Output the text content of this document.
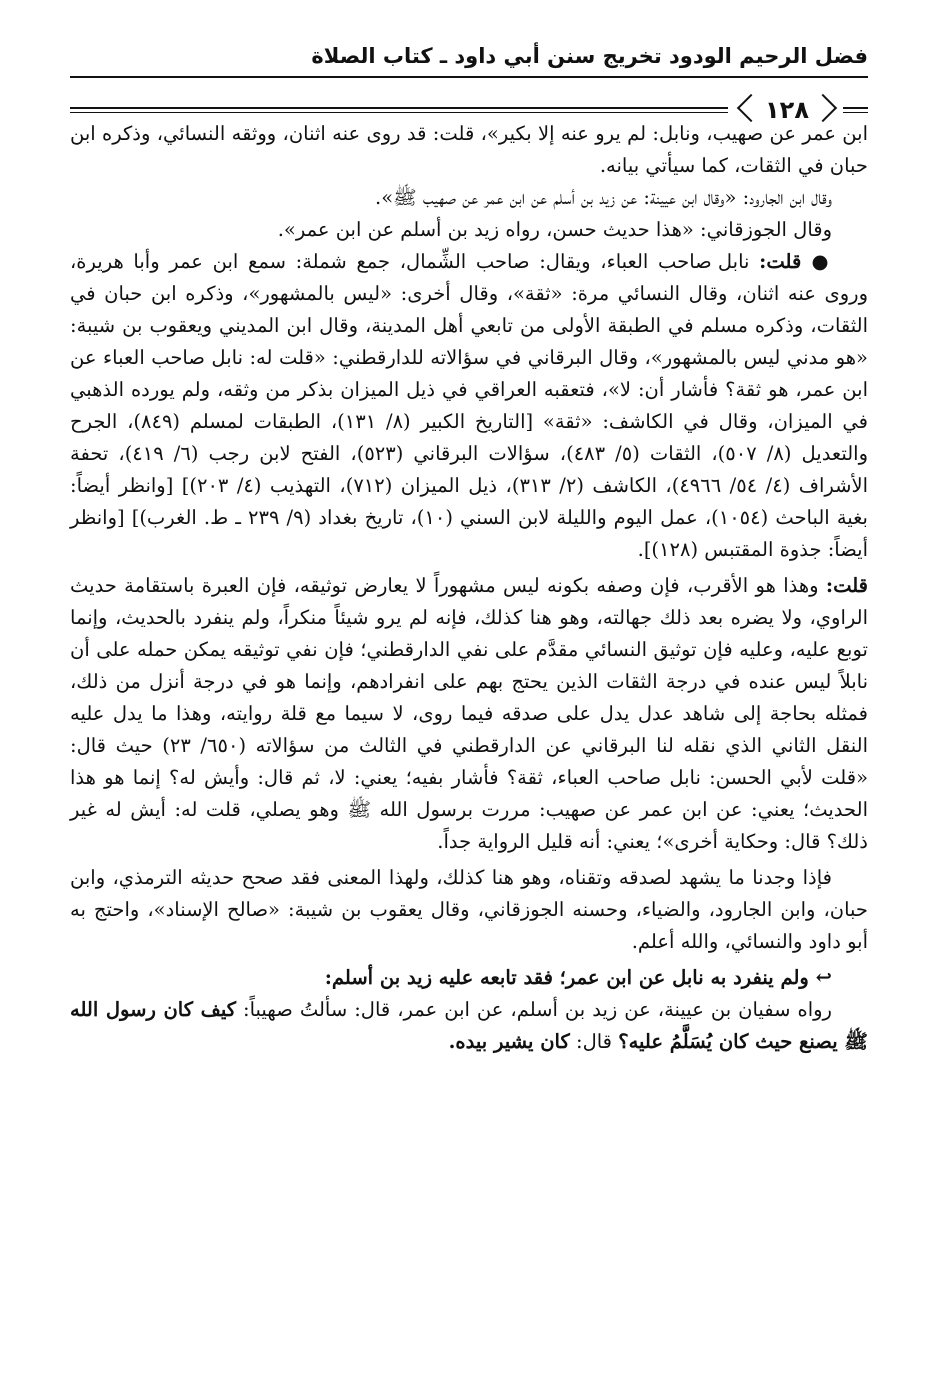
فضل الرحيم الودود تخريج سنن أبي داود ـ كتاب الصلاة
١٢٨

ابن عمر عن صهيب، ونابل: لم يرو عنه إلا بكير»، قلت: قد روى عنه اثنان، ووثقه النسائي، وذكره ابن حبان في الثقات، كما سيأتي بيانه.

وقال ابن الجارود: «وقال ابن عيينة: عن زيد بن أسلم عن ابن عمر عن صهيب ﷺ».

وقال الجوزقاني: «هذا حديث حسن، رواه زيد بن أسلم عن ابن عمر».

● قلت: نابل صاحب العباء، ويقال: صاحب الشِّمال، جمع شملة: سمع ابن عمر وأبا هريرة، وروى عنه اثنان، وقال النسائي مرة: «ثقة»، وقال أخرى: «ليس بالمشهور»، وذكره ابن حبان في الثقات، وذكره مسلم في الطبقة الأولى من تابعي أهل المدينة، وقال ابن المديني ويعقوب بن شيبة: «هو مدني ليس بالمشهور»، وقال البرقاني في سؤالاته للدارقطني: «قلت له: نابل صاحب العباء عن ابن عمر، هو ثقة؟ فأشار أن: لا»، فتعقبه العراقي في ذيل الميزان بذكر من وثقه، ولم يورده الذهبي في الميزان، وقال في الكاشف: «ثقة» [التاريخ الكبير (٨/ ١٣١)، الطبقات لمسلم (٨٤٩)، الجرح والتعديل (٨/ ٥٠٧)، الثقات (٥/ ٤٨٣)، سؤالات البرقاني (٥٢٣)، الفتح لابن رجب (٦/ ٤١٩)، تحفة الأشراف (٤/ ٥٤/ ٤٩٦٦)، الكاشف (٢/ ٣١٣)، ذيل الميزان (٧١٢)، التهذيب (٤/ ٢٠٣)] [وانظر أيضاً: بغية الباحث (١٠٥٤)، عمل اليوم والليلة لابن السني (١٠)، تاريخ بغداد (٩/ ٢٣٩ ـ ط. الغرب)] [وانظر أيضاً: جذوة المقتبس (١٢٨)].

قلت: وهذا هو الأقرب، فإن وصفه بكونه ليس مشهوراً لا يعارض توثيقه، فإن العبرة باستقامة حديث الراوي، ولا يضره بعد ذلك جهالته، وهو هنا كذلك، فإنه لم يرو شيئاً منكراً، ولم ينفرد بالحديث، وإنما توبع عليه، وعليه فإن توثيق النسائي مقدَّم على نفي الدارقطني؛ فإن نفي توثيقه يمكن حمله على أن نابلاً ليس عنده في درجة الثقات الذين يحتج بهم على انفرادهم، وإنما هو في درجة أنزل من ذلك، فمثله بحاجة إلى شاهد عدل يدل على صدقه فيما روى، لا سيما مع قلة روايته، وهذا ما يدل عليه النقل الثاني الذي نقله لنا البرقاني عن الدارقطني في الثالث من سؤالاته (٦٥٠/ ٢٣) حيث قال: «قلت لأبي الحسن: نابل صاحب العباء، ثقة؟ فأشار بفيه؛ يعني: لا، ثم قال: وأيش له؟ إنما هو هذا الحديث؛ يعني: عن ابن عمر عن صهيب: مررت برسول الله ﷺ وهو يصلي، قلت له: أيش له غير ذلك؟ قال: وحكاية أخرى»؛ يعني: أنه قليل الرواية جداً.

فإذا وجدنا ما يشهد لصدقه وتقناه، وهو هنا كذلك، ولهذا المعنى فقد صحح حديثه الترمذي، وابن حبان، وابن الجارود، والضياء، وحسنه الجوزقاني، وقال يعقوب بن شيبة: «صالح الإسناد»، واحتج به أبو داود والنسائي، والله أعلم.

↩ ولم ينفرد به نابل عن ابن عمر؛ فقد تابعه عليه زيد بن أسلم:

رواه سفيان بن عيينة، عن زيد بن أسلم، عن ابن عمر، قال: سألتُ صهيباً: كيف كان رسول الله ﷺ يصنع حيث كان يُسَلَّمُ عليه؟ قال: كان يشير بيده.
